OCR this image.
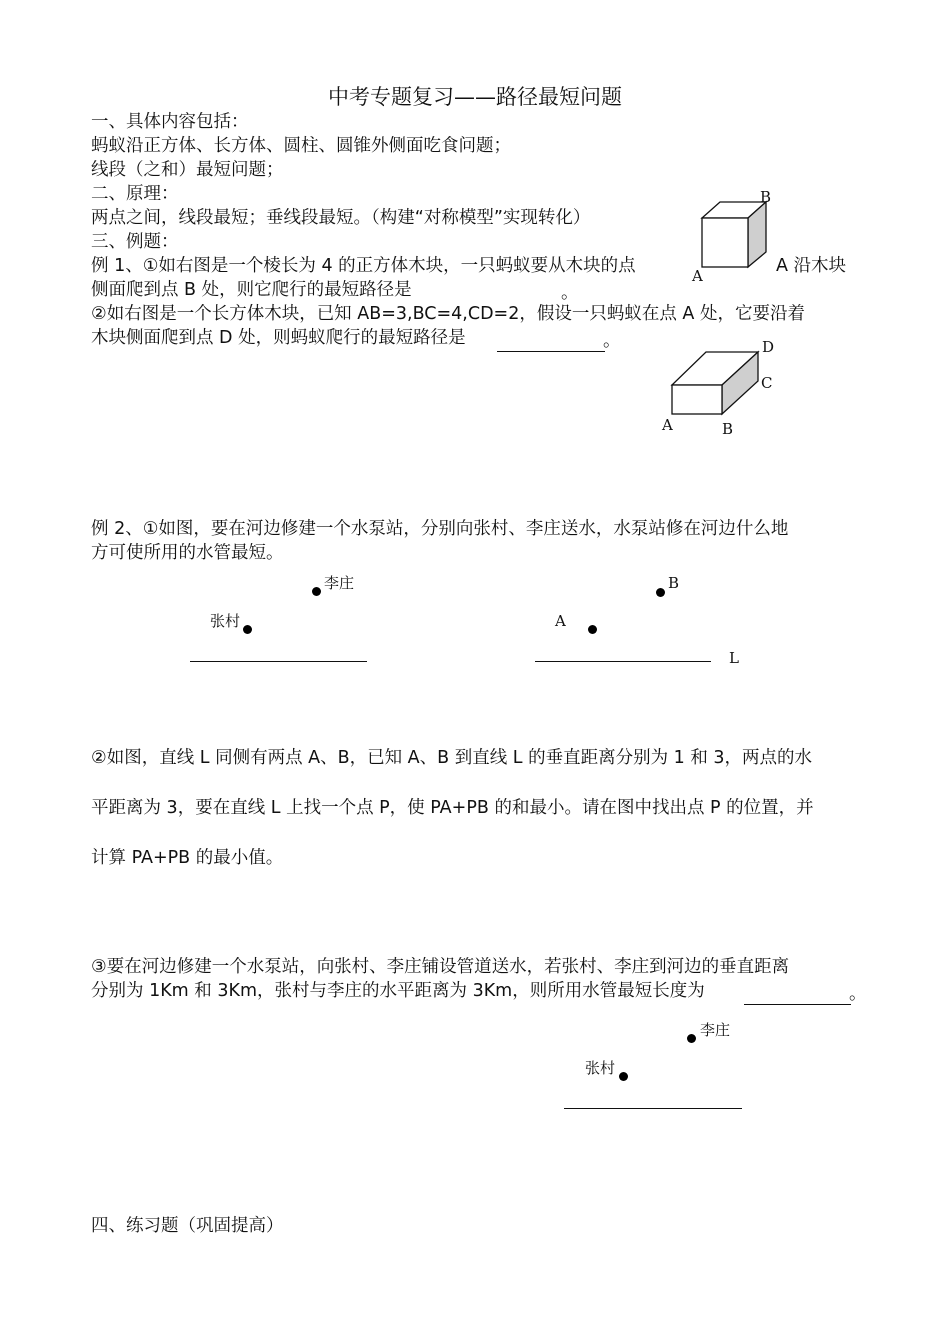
中考专题复习——路径最短问题
一、具体内容包括：
蚂蚁沿正方体、长方体、圆柱、圆锥外侧面吃食问题；
线段（之和）最短问题；
二、原理：
两点之间，线段最短；垂线段最短。（构建“对称模型”实现转化）
三、例题：
例 1、①如右图是一个棱长为 4 的正方体木块，一只蚂蚁要从木块的点	A 沿木块
侧面爬到点 B 处，则它爬行的最短路径是	。
②如右图是一个长方体木块，已知 AB=3,BC=4,CD=2，假设一只蚂蚁在点 A 处，它要沿着
木块侧面爬到点 D 处，则蚂蚁爬行的最短路径是	。
B
A
D
C
A	B
例 2、①如图，要在河边修建一个水泵站，分别向张村、李庄送水，水泵站修在河边什么地
方可使所用的水管最短。
李庄
张村
B
A
L
②如图，直线 L 同侧有两点 A、B，已知 A、B 到直线 L 的垂直距离分别为 1 和 3，两点的水
平距离为 3，要在直线 L 上找一个点 P，使 PA+PB 的和最小。请在图中找出点 P 的位置，并
计算 PA+PB 的最小值。
③要在河边修建一个水泵站，向张村、李庄铺设管道送水，若张村、李庄到河边的垂直距离
分别为 1Km 和 3Km，张村与李庄的水平距离为 3Km，则所用水管最短长度为	。
李庄
张村
四、练习题（巩固提高）
